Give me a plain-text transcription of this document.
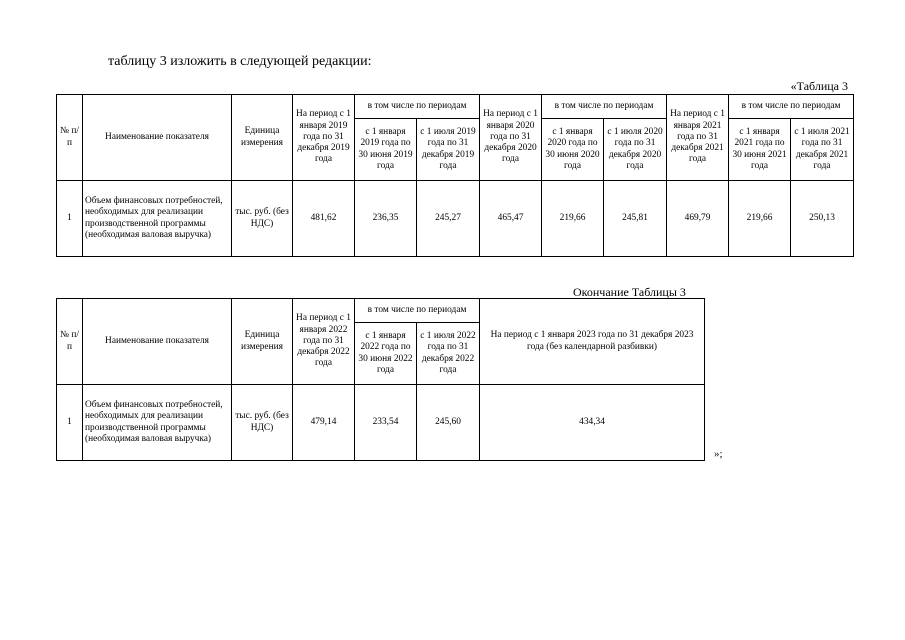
таблицу 3 изложить в следующей редакции:
«Таблица 3
№ п/п	Наименование показателя	Единица измерения	На период с 1 января 2019 года по 31 декабря 2019 года	в том числе по периодам		На период с 1 января 2020 года по 31 декабря 2020 года	в том числе по периодам		На период с 1 января 2021 года по 31 декабря 2021 года	в том числе по периодам	
				с 1 января 2019 года по 30 июня 2019 года	с 1 июля 2019 года по 31 декабря 2019 года		с 1 января 2020 года по 30 июня 2020 года	с 1 июля 2020 года по 31 декабря 2020 года		с 1 января 2021 года по 30 июня 2021 года	с 1 июля 2021 года по 31 декабря 2021 года
1	Объем финансовых потребностей, необходимых для реализации производственной программы (необходимая валовая выручка)	тыс. руб. (без НДС)	481,62	236,35	245,27	465,47	219,66	245,81	469,79	219,66	250,13
Окончание Таблицы 3
№ п/п	Наименование показателя	Единица измерения	На период с 1 января 2022 года по 31 декабря 2022 года	в том числе по периодам		На период с 1 января 2023 года по 31 декабря 2023 года (без календарной разбивки)
				с 1 января 2022 года по 30 июня 2022 года	с 1 июля 2022 года по 31 декабря 2022 года	
1	Объем финансовых потребностей, необходимых для реализации производственной программы (необходимая валовая выручка)	тыс. руб. (без НДС)	479,14	233,54	245,60	434,34
»;
